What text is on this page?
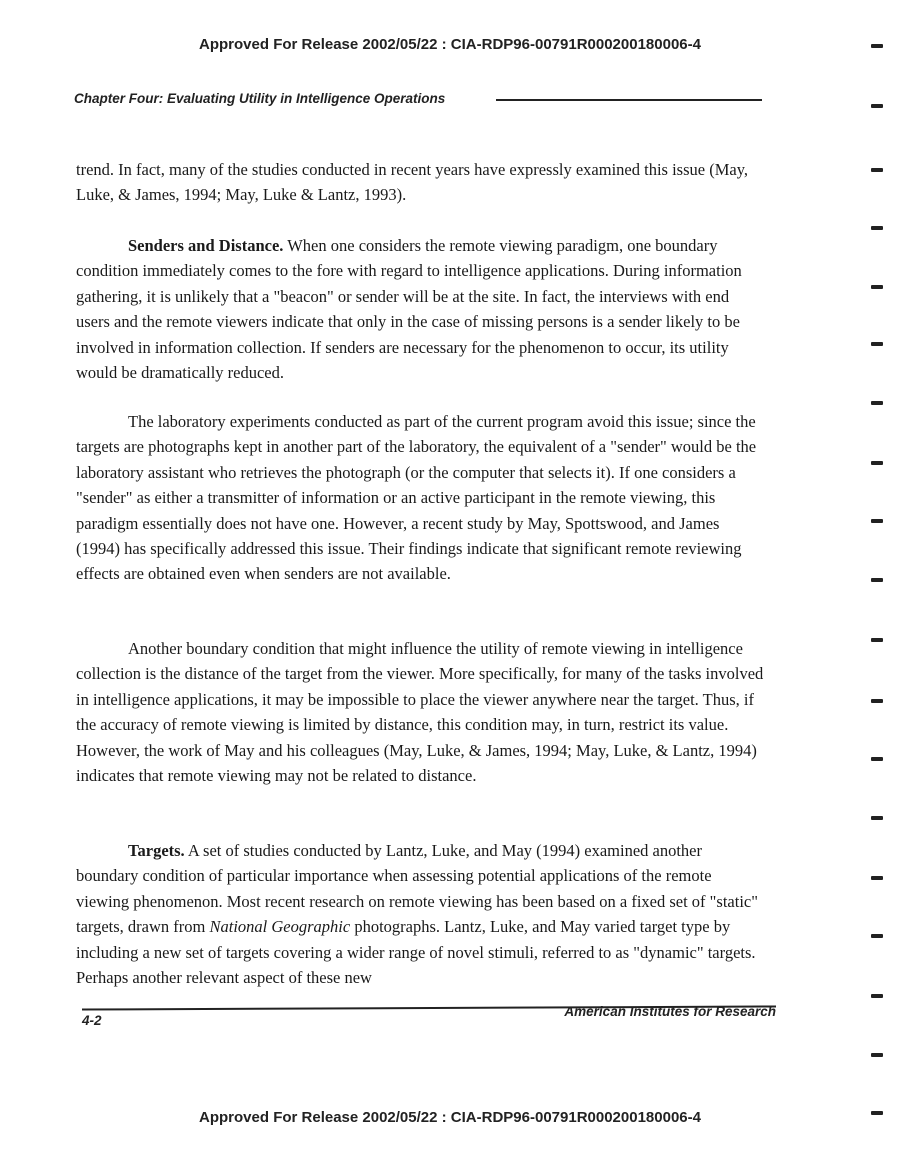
Approved For Release 2002/05/22 : CIA-RDP96-00791R000200180006-4
Chapter Four: Evaluating Utility in Intelligence Operations

trend. In fact, many of the studies conducted in recent years have expressly examined this issue (May, Luke, & James, 1994; May, Luke & Lantz, 1993).

Senders and Distance. When one considers the remote viewing paradigm, one boundary condition immediately comes to the fore with regard to intelligence applications. During information gathering, it is unlikely that a "beacon" or sender will be at the site. In fact, the interviews with end users and the remote viewers indicate that only in the case of missing persons is a sender likely to be involved in information collection. If senders are necessary for the phenomenon to occur, its utility would be dramatically reduced.

The laboratory experiments conducted as part of the current program avoid this issue; since the targets are photographs kept in another part of the laboratory, the equivalent of a "sender" would be the laboratory assistant who retrieves the photograph (or the computer that selects it). If one considers a "sender" as either a transmitter of information or an active participant in the remote viewing, this paradigm essentially does not have one. However, a recent study by May, Spottswood, and James (1994) has specifically addressed this issue. Their findings indicate that significant remote reviewing effects are obtained even when senders are not available.

Another boundary condition that might influence the utility of remote viewing in intelligence collection is the distance of the target from the viewer. More specifically, for many of the tasks involved in intelligence applications, it may be impossible to place the viewer anywhere near the target. Thus, if the accuracy of remote viewing is limited by distance, this condition may, in turn, restrict its value. However, the work of May and his colleagues (May, Luke, & James, 1994; May, Luke, & Lantz, 1994) indicates that remote viewing may not be related to distance.

Targets. A set of studies conducted by Lantz, Luke, and May (1994) examined another boundary condition of particular importance when assessing potential applications of the remote viewing phenomenon. Most recent research on remote viewing has been based on a fixed set of "static" targets, drawn from National Geographic photographs. Lantz, Luke, and May varied target type by including a new set of targets covering a wider range of novel stimuli, referred to as "dynamic" targets. Perhaps another relevant aspect of these new

4-2
American Institutes for Research
Approved For Release 2002/05/22 : CIA-RDP96-00791R000200180006-4
